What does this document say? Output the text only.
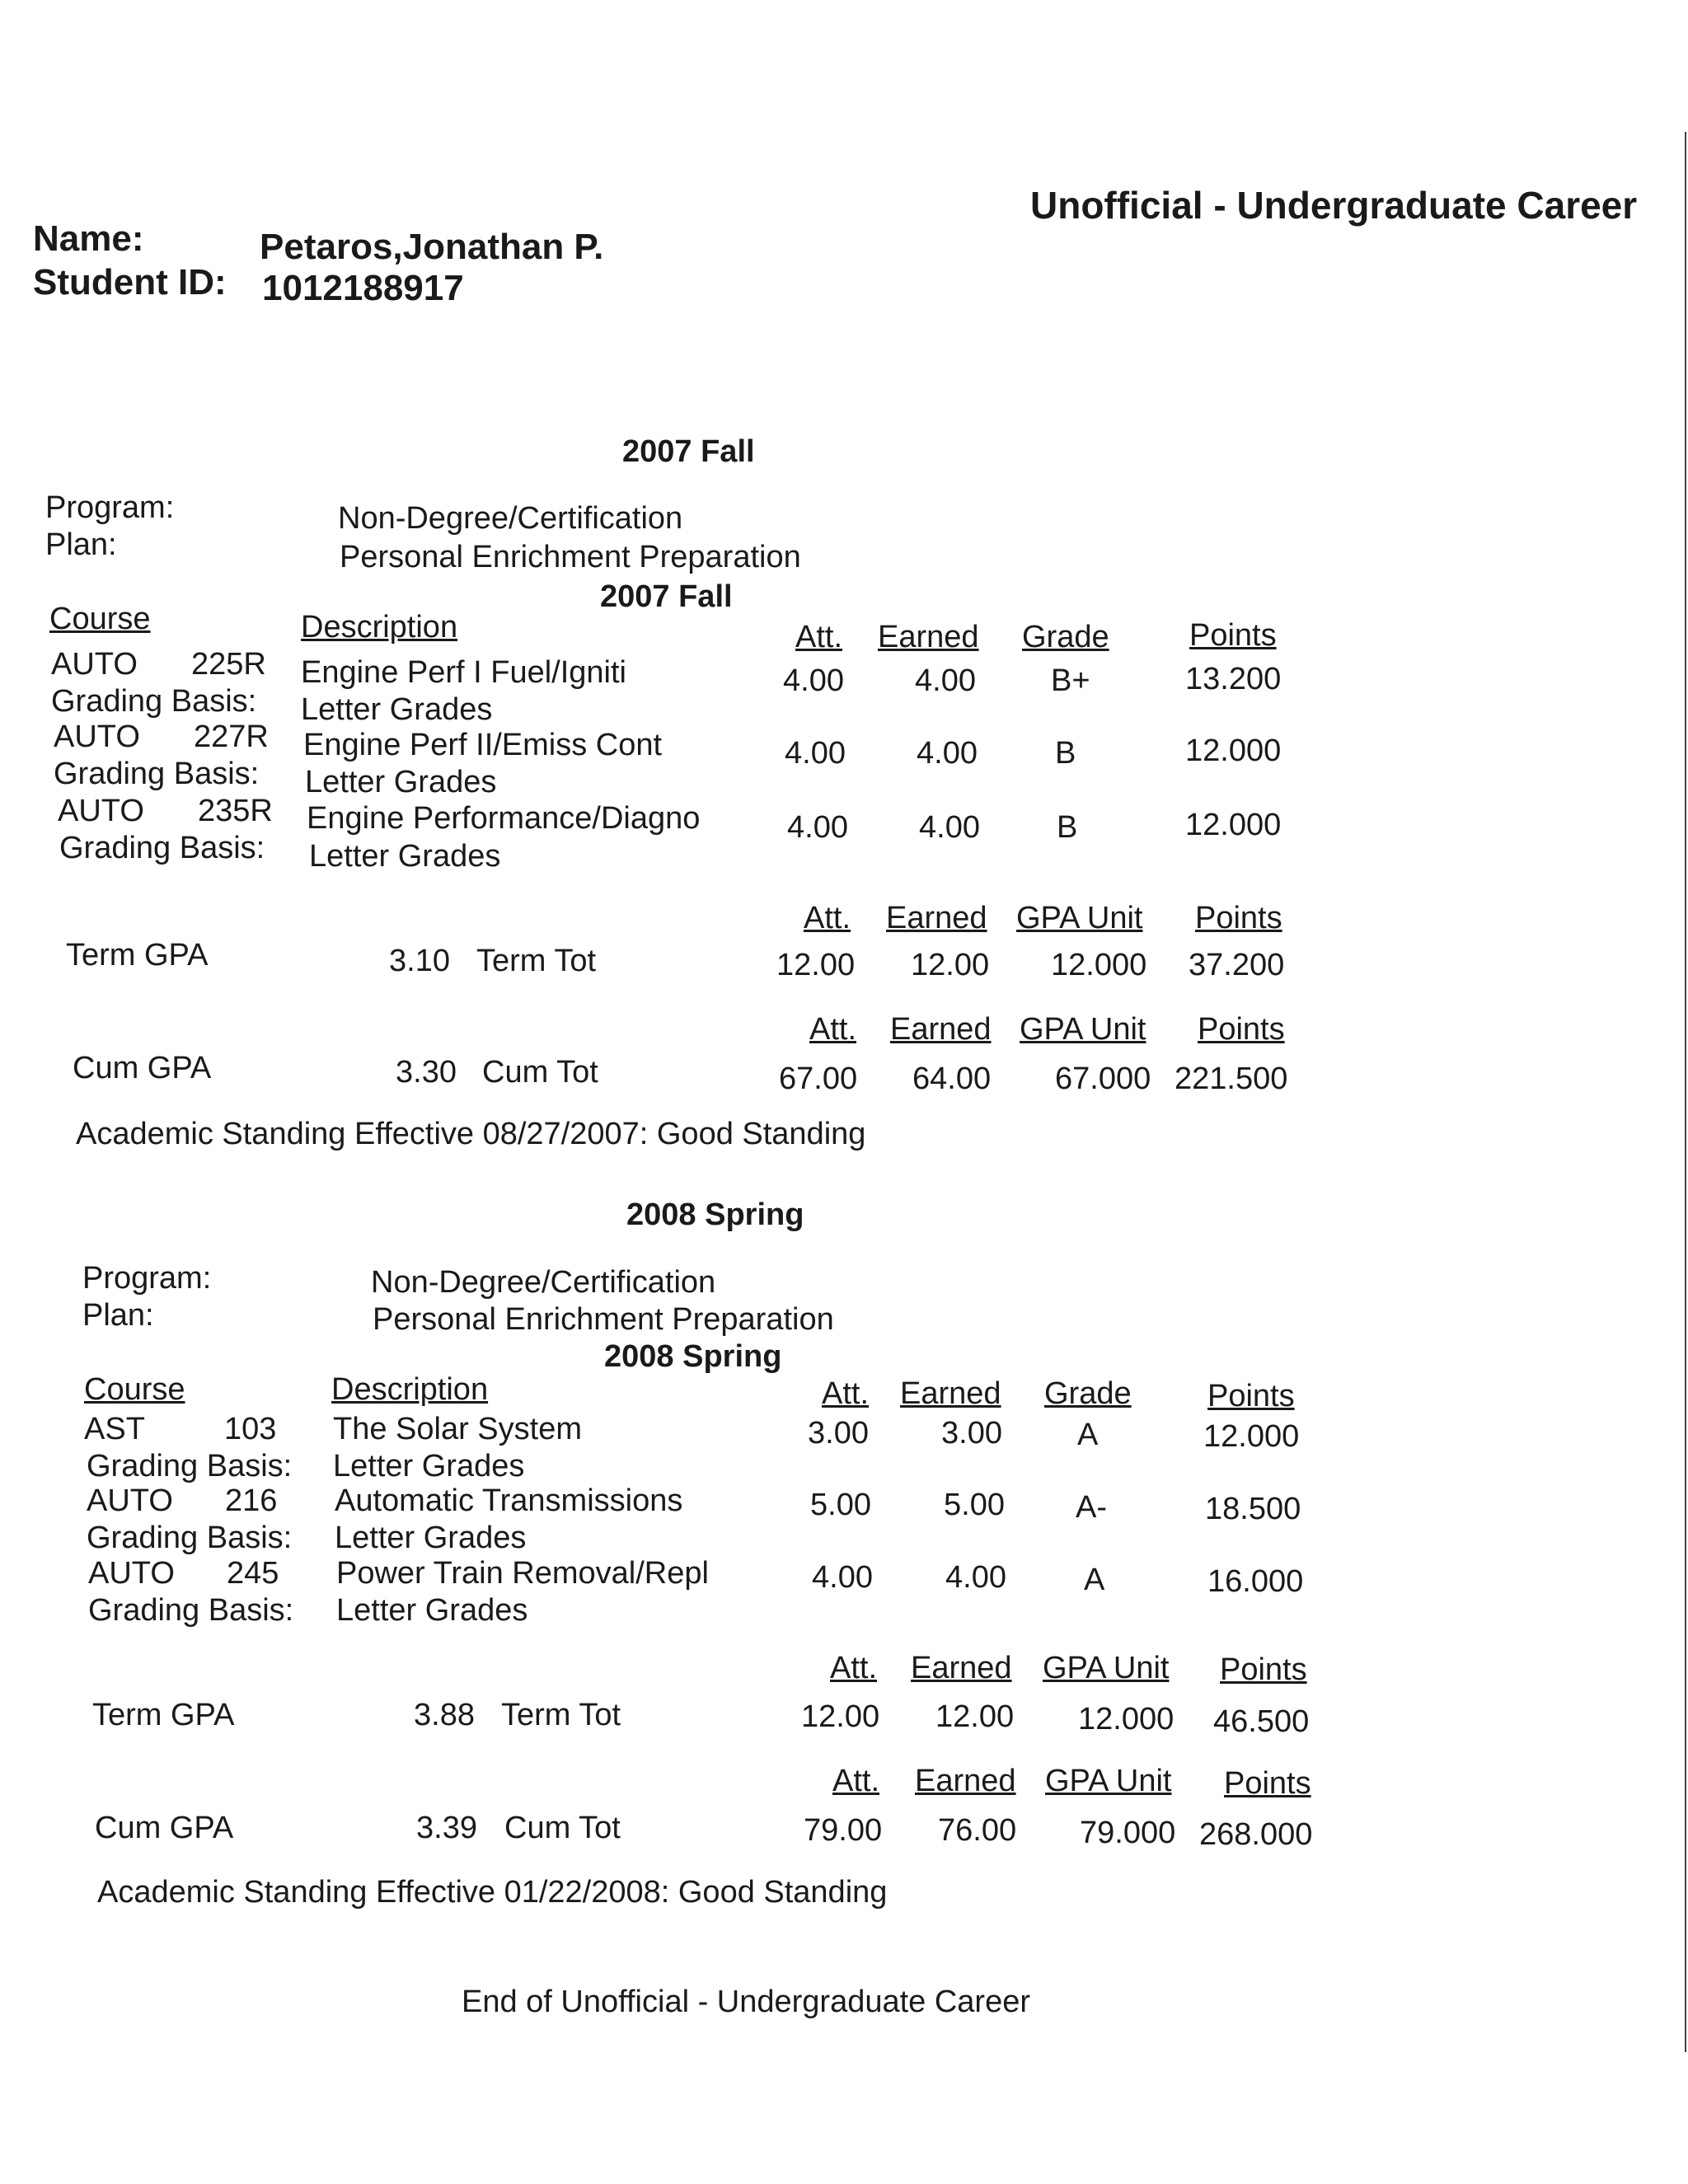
Unofficial - Undergraduate Career
Name:	Petaros,Jonathan P.
Student ID: 1012188917
2007 Fall
Program:	Non-Degree/Certification
Plan:	Personal Enrichment Preparation
2007 Fall
Course	Description	Att. Earned Grade	Points
AUTO 225R Engine Perf I Fuel/Igniti	4.00 4.00 B+	13.200
Grading Basis: Letter Grades
AUTO 227R Engine Perf II/Emiss Cont	4.00 4.00 B	12.000
Grading Basis: Letter Grades
AUTO 235R Engine Performance/Diagno	4.00 4.00 B	12.000
Grading Basis: Letter Grades
Att. Earned GPA Unit Points
Term GPA	3.10 Term Tot	12.00 12.00 12.000 37.200
Att. Earned GPA Unit Points
Cum GPA	3.30 Cum Tot	67.00 64.00 67.000 221.500
Academic Standing Effective 08/27/2007: Good Standing
2008 Spring
Program:	Non-Degree/Certification
Plan:	Personal Enrichment Preparation
2008 Spring
Course	Description	Att. Earned Grade Points
AST	103 The Solar System	3.00 3.00 A	12.000
Grading Basis: Letter Grades
AUTO 216 Automatic Transmissions	5.00 5.00 A-	18.500
Grading Basis: Letter Grades
AUTO 245 Power Train Removal/Repl	4.00 4.00 A	16.000
Grading Basis: Letter Grades
Att. Earned GPA Unit Points
Term GPA	3.88 Term Tot	12.00 12.00 12.000 46.500
Att. Earned GPA Unit Points
Cum GPA	3.39 Cum Tot	79.00 76.00 79.000 268.000
Academic Standing Effective 01/22/2008: Good Standing
End of Unofficial - Undergraduate Career
